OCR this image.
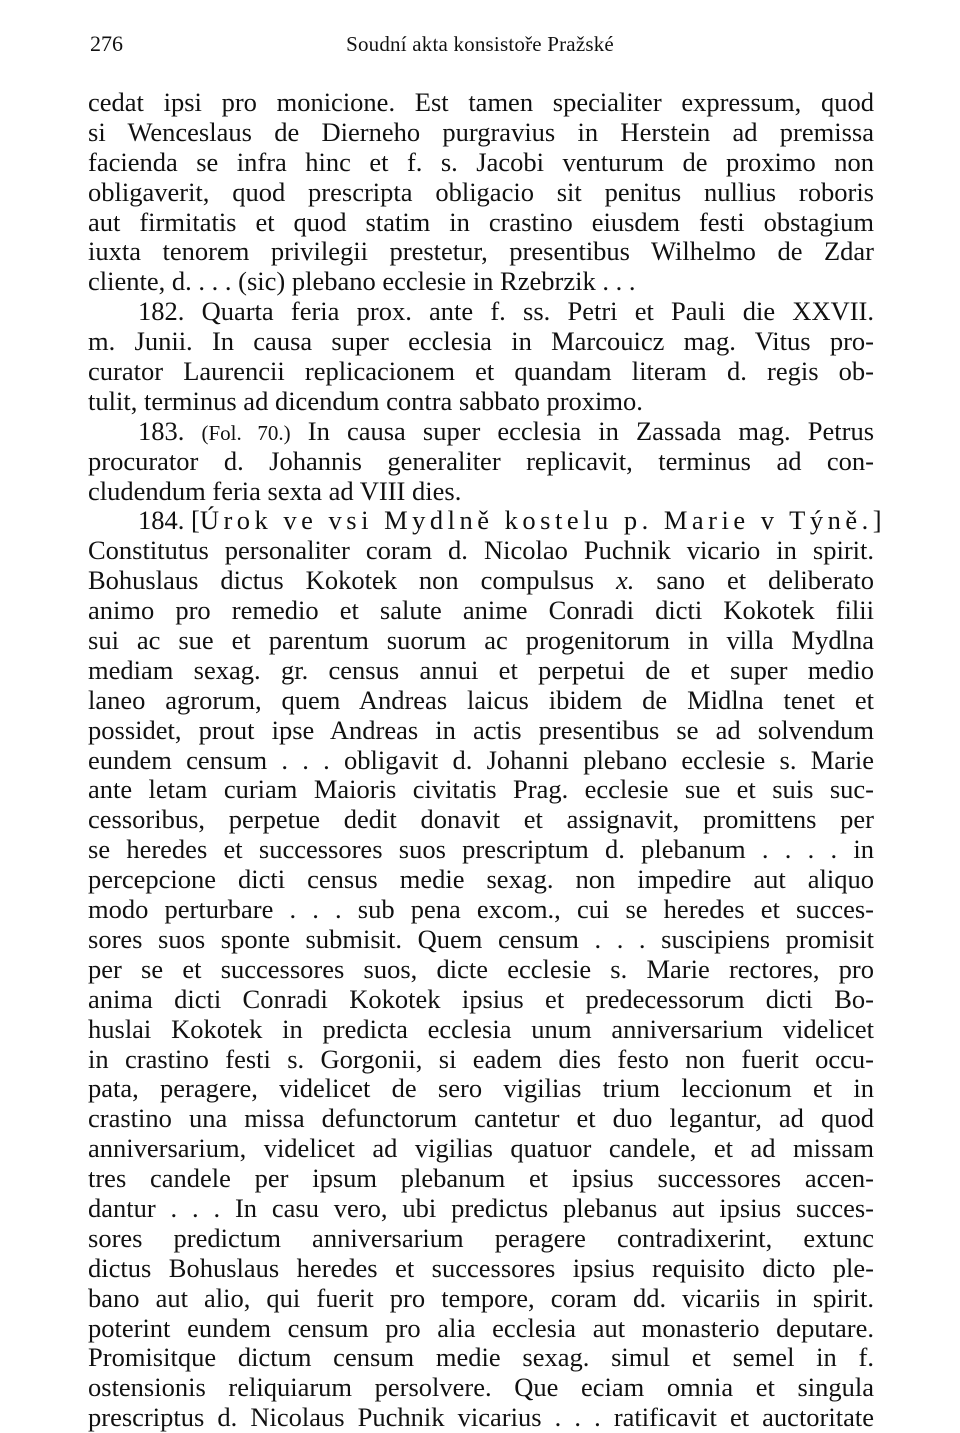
276	Soudní akta konsistoře Pražské
cedat ipsi pro monicione. Est tamen specialiter expressum, quod
si Wenceslaus de Dierneho purgravius in Herstein ad premissa
facienda se infra hinc et f. s. Jacobi venturum de proximo non
obligaverit, quod prescripta obligacio sit penitus nullius roboris
aut firmitatis et quod statim in crastino eiusdem festi obstagium
iuxta tenorem privilegii prestetur, presentibus Wilhelmo de Zdar
cliente, d. . . . (sic) plebano ecclesie in Rzebrzik . . .
182. Quarta feria prox. ante f. ss. Petri et Pauli die XXVII.
m. Junii. In causa super ecclesia in Marcouicz mag. Vitus pro-
curator Laurencii replicacionem et quandam literam d. regis ob-
tulit, terminus ad dicendum contra sabbato proximo.
183. (Fol. 70.) In causa super ecclesia in Zassada mag. Petrus
procurator d. Johannis generaliter replicavit, terminus ad con-
cludendum feria sexta ad VIII dies.
184. [Úrok ve vsi Mydlně kostelu p. Marie v Týně.]
Constitutus personaliter coram d. Nicolao Puchnik vicario in spirit.
Bohuslaus dictus Kokotek non compulsus x. sano et deliberato
animo pro remedio et salute anime Conradi dicti Kokotek filii
sui ac sue et parentum suorum ac progenitorum in villa Mydlna
mediam sexag. gr. census annui et perpetui de et super medio
laneo agrorum, quem Andreas laicus ibidem de Midlna tenet et
possidet, prout ipse Andreas in actis presentibus se ad solvendum
eundem censum . . . obligavit d. Johanni plebano ecclesie s. Marie
ante letam curiam Maioris civitatis Prag. ecclesie sue et suis suc-
cessoribus, perpetue dedit donavit et assignavit, promittens per
se heredes et successores suos prescriptum d. plebanum . . . . in
percepcione dicti census medie sexag. non impedire aut aliquo
modo perturbare . . . sub pena excom., cui se heredes et succes-
sores suos sponte submisit. Quem censum . . . suscipiens promisit
per se et successores suos, dicte ecclesie s. Marie rectores, pro
anima dicti Conradi Kokotek ipsius et predecessorum dicti Bo-
huslai Kokotek in predicta ecclesia unum anniversarium videlicet
in crastino festi s. Gorgonii, si eadem dies festo non fuerit occu-
pata, peragere, videlicet de sero vigilias trium leccionum et in
crastino una missa defunctorum cantetur et duo legantur, ad quod
anniversarium, videlicet ad vigilias quatuor candele, et ad missam
tres candele per ipsum plebanum et ipsius successores accen-
dantur . . . In casu vero, ubi predictus plebanus aut ipsius succes-
sores predictum anniversarium peragere contradixerint, extunc
dictus Bohuslaus heredes et successores ipsius requisito dicto ple-
bano aut alio, qui fuerit pro tempore, coram dd. vicariis in spirit.
poterint eundem censum pro alia ecclesia aut monasterio deputare.
Promisitque dictum censum medie sexag. simul et semel in f.
ostensionis reliquiarum persolvere. Que eciam omnia et singula
prescriptus d. Nicolaus Puchnik vicarius . . . ratificavit et auctoritate
